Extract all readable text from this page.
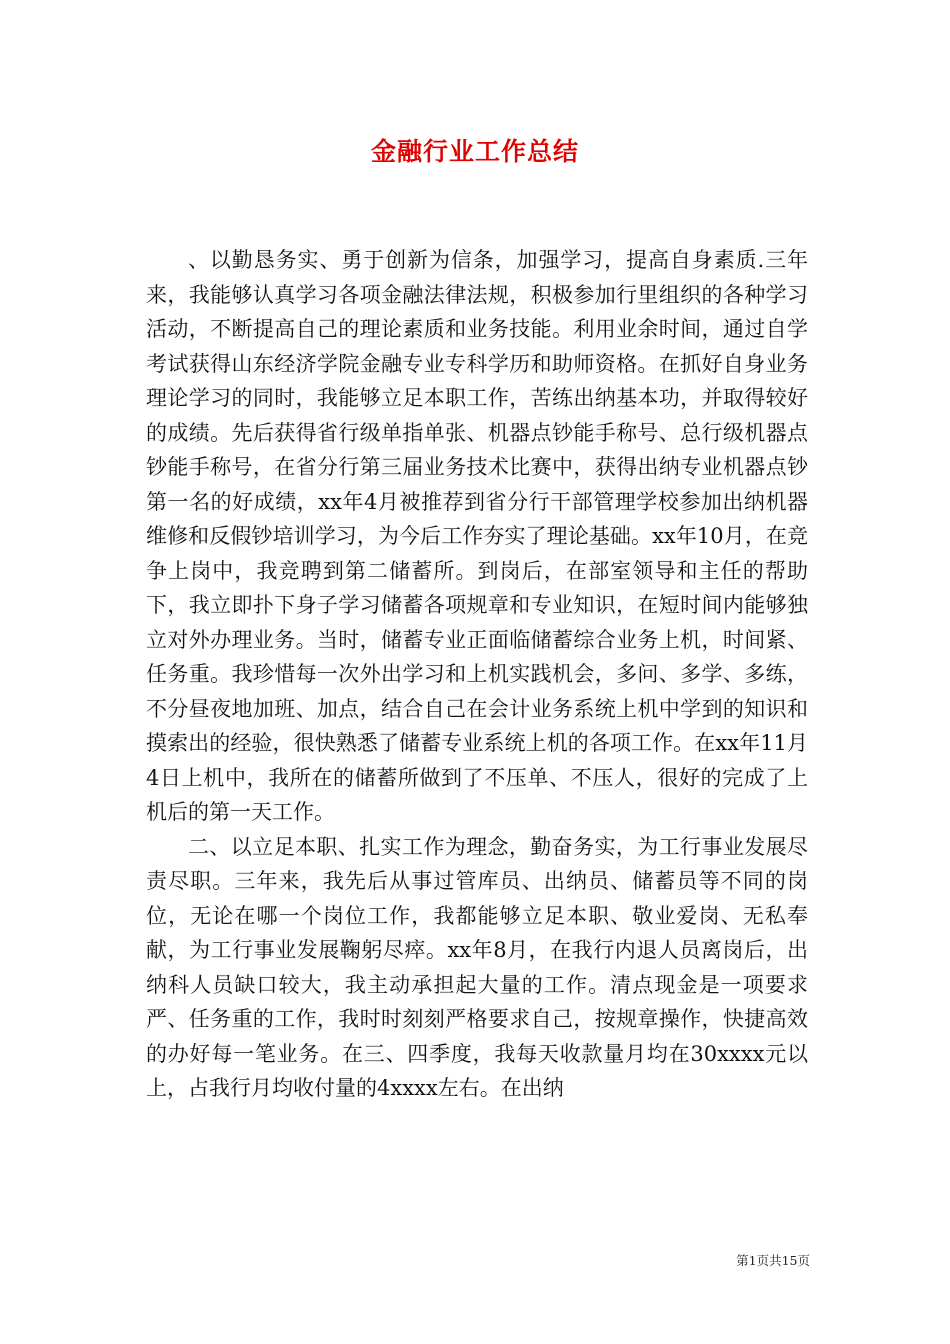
金融行业工作总结

、以勤恳务实、勇于创新为信条，加强学习，提高自身素质.三年来，我能够认真学习各项金融法律法规，积极参加行里组织的各种学习活动，不断提高自己的理论素质和业务技能。利用业余时间，通过自学考试获得山东经济学院金融专业专科学历和助师资格。在抓好自身业务理论学习的同时，我能够立足本职工作，苦练出纳基本功，并取得较好的成绩。先后获得省行级单指单张、机器点钞能手称号、总行级机器点钞能手称号，在省分行第三届业务技术比赛中，获得出纳专业机器点钞第一名的好成绩，xx年4月被推荐到省分行干部管理学校参加出纳机器维修和反假钞培训学习，为今后工作夯实了理论基础。xx年10月，在竞争上岗中，我竞聘到第二储蓄所。到岗后，在部室领导和主任的帮助下，我立即扑下身子学习储蓄各项规章和专业知识，在短时间内能够独立对外办理业务。当时，储蓄专业正面临储蓄综合业务上机，时间紧、任务重。我珍惜每一次外出学习和上机实践机会，多问、多学、多练，不分昼夜地加班、加点，结合自己在会计业务系统上机中学到的知识和摸索出的经验，很快熟悉了储蓄专业系统上机的各项工作。在xx年11月4日上机中，我所在的储蓄所做到了不压单、不压人，很好的完成了上机后的第一天工作。

二、以立足本职、扎实工作为理念，勤奋务实，为工行事业发展尽责尽职。三年来，我先后从事过管库员、出纳员、储蓄员等不同的岗位，无论在哪一个岗位工作，我都能够立足本职、敬业爱岗、无私奉献，为工行事业发展鞠躬尽瘁。xx年8月，在我行内退人员离岗后，出纳科人员缺口较大，我主动承担起大量的工作。清点现金是一项要求严、任务重的工作，我时时刻刻严格要求自己，按规章操作，快捷高效的办好每一笔业务。在三、四季度，我每天收款量月均在30xxxx元以上，占我行月均收付量的4xxxx左右。在出纳

第1页共15页
